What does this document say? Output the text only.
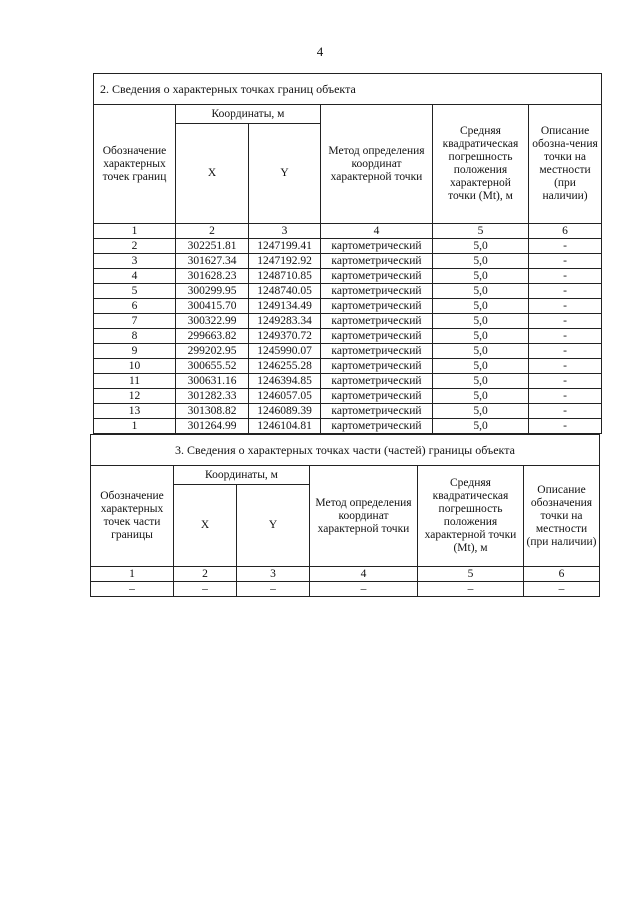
4
2. Сведения о характерных точках границ объекта					
Обозначение характерных точек границ	Координаты, м		Метод определения координат характерной точки	Средняя квадратическая погрешность положения характерной точки (Mt), м	Описание обозна-чения точки на местности (при наличии)
	X	Y			
1	2	3	4	5	6
2	302251.81	1247199.41	картометрический	5,0	-
3	301627.34	1247192.92	картометрический	5,0	-
4	301628.23	1248710.85	картометрический	5,0	-
5	300299.95	1248740.05	картометрический	5,0	-
6	300415.70	1249134.49	картометрический	5,0	-
7	300322.99	1249283.34	картометрический	5,0	-
8	299663.82	1249370.72	картометрический	5,0	-
9	299202.95	1245990.07	картометрический	5,0	-
10	300655.52	1246255.28	картометрический	5,0	-
11	300631.16	1246394.85	картометрический	5,0	-
12	301282.33	1246057.05	картометрический	5,0	-
13	301308.82	1246089.39	картометрический	5,0	-
1	301264.99	1246104.81	картометрический	5,0	-
3. Сведения о характерных точках части (частей) границы объекта					
Обозначение характерных точек части границы	Координаты, м		Метод определения координат характерной точки	Средняя квадратическая погрешность положения характерной точки (Mt), м	Описание обозначения точки на местности (при наличии)
	X	Y			
1	2	3	4	5	6
–	–	–	–	–	–
